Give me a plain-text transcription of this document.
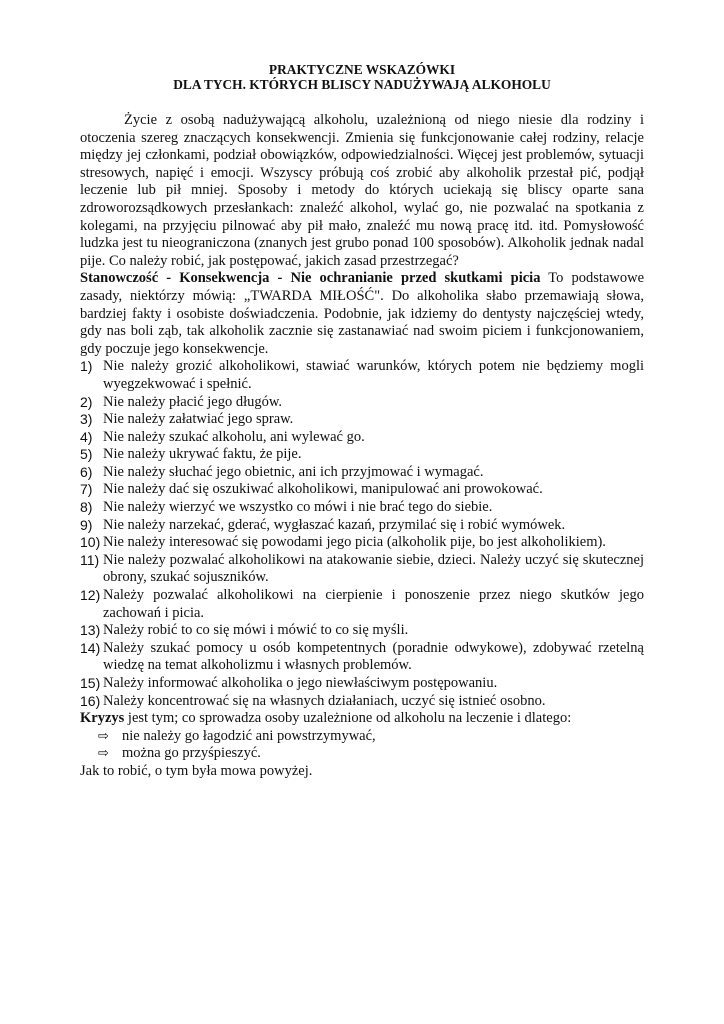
PRAKTYCZNE WSKAZÓWKI
DLA TYCH. KTÓRYCH BLISCY NADUŻYWAJĄ ALKOHOLU

Życie z osobą nadużywającą alkoholu, uzależnioną od niego niesie dla rodziny i otoczenia szereg znaczących konsekwencji. Zmienia się funkcjonowanie całej rodziny, relacje między jej członkami, podział obowiązków, odpowiedzialności. Więcej jest problemów, sytuacji stresowych, napięć i emocji. Wszyscy próbują coś zrobić aby alkoholik przestał pić, podjął leczenie lub pił mniej. Sposoby i metody do których uciekają się bliscy oparte sana zdroworozsądkowych przesłankach: znaleźć alkohol, wylać go, nie pozwalać na spotkania z kolegami, na przyjęciu pilnować aby pił mało, znaleźć mu nową pracę itd. itd. Pomysłowość ludzka jest tu nieograniczona (znanych jest grubo ponad 100 sposobów). Alkoholik jednak nadal pije. Co należy robić, jak postępować, jakich zasad przestrzegać?

Stanowczość - Konsekwencja - Nie ochranianie przed skutkami picia To podstawowe zasady, niektórzy mówią: „TWARDA MIŁOŚĆ". Do alkoholika słabo przemawiają słowa, bardziej fakty i osobiste doświadczenia. Podobnie, jak idziemy do dentysty najczęściej wtedy, gdy nas boli ząb, tak alkoholik zacznie się zastanawiać nad swoim piciem i funkcjonowaniem, gdy poczuje jego konsekwencje.

1) Nie należy grozić alkoholikowi, stawiać warunków, których potem nie będziemy mogli wyegzekwować i spełnić.
2) Nie należy płacić jego długów.
3) Nie należy załatwiać jego spraw.
4) Nie należy szukać alkoholu, ani wylewać go.
5) Nie należy ukrywać faktu, że pije.
6) Nie należy słuchać jego obietnic, ani ich przyjmować i wymagać.
7) Nie należy dać się oszukiwać alkoholikowi, manipulować ani prowokować.
8) Nie należy wierzyć we wszystko co mówi i nie brać tego do siebie.
9) Nie należy narzekać, gderać, wygłaszać kazań, przymilać się i robić wymówek.
10) Nie należy interesować się powodami jego picia (alkoholik pije, bo jest alkoholikiem).
11) Nie należy pozwalać alkoholikowi na atakowanie siebie, dzieci. Należy uczyć się skutecznej obrony, szukać sojuszników.
12) Należy pozwalać alkoholikowi na cierpienie i ponoszenie przez niego skutków jego zachowań i picia.
13) Należy robić to co się mówi i mówić to co się myśli.
14) Należy szukać pomocy u osób kompetentnych (poradnie odwykowe), zdobywać rzetelną wiedzę na temat alkoholizmu i własnych problemów.
15) Należy informować alkoholika o jego niewłaściwym postępowaniu.
16) Należy koncentrować się na własnych działaniach, uczyć się istnieć osobno.

Kryzys jest tym; co sprowadza osoby uzależnione od alkoholu na leczenie i dlatego:

⇨ nie należy go łagodzić ani powstrzymywać,
⇨ można go przyśpieszyć.

Jak to robić, o tym była mowa powyżej.
